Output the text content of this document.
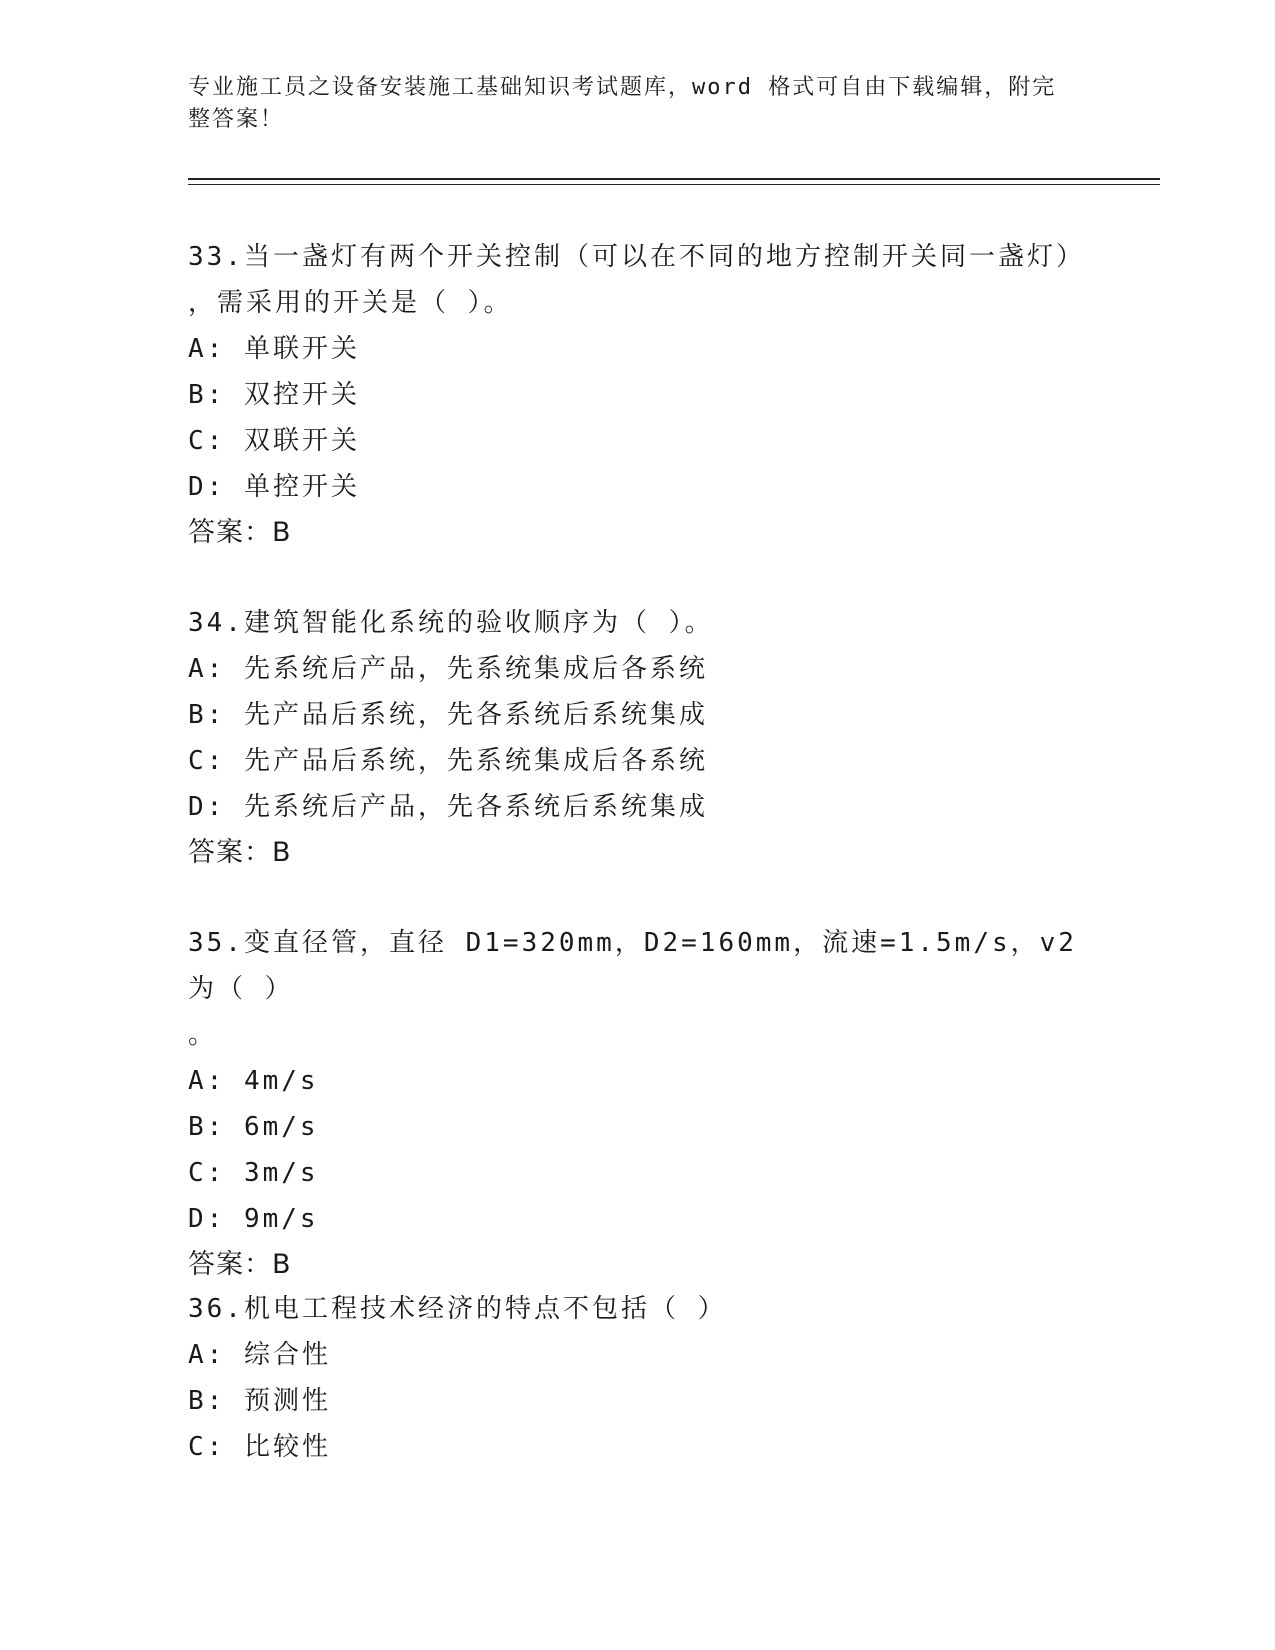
专业施工员之设备安装施工基础知识考试题库，word 格式可自由下载编辑，附完
整答案！
33.当一盏灯有两个开关控制（可以在不同的地方控制开关同一盏灯）
，需采用的开关是（ ）。
A: 单联开关
B: 双控开关
C: 双联开关
D: 单控开关
答案：B
34.建筑智能化系统的验收顺序为（ ）。
A: 先系统后产品，先系统集成后各系统
B: 先产品后系统，先各系统后系统集成
C: 先产品后系统，先系统集成后各系统
D: 先系统后产品，先各系统后系统集成
答案：B
35.变直径管，直径 D1=320mm，D2=160mm，流速=1.5m/s，v2 为（ ）
。
A: 4m/s
B: 6m/s
C: 3m/s
D: 9m/s
答案：B
36.机电工程技术经济的特点不包括（ ）
A: 综合性
B: 预测性
C: 比较性
